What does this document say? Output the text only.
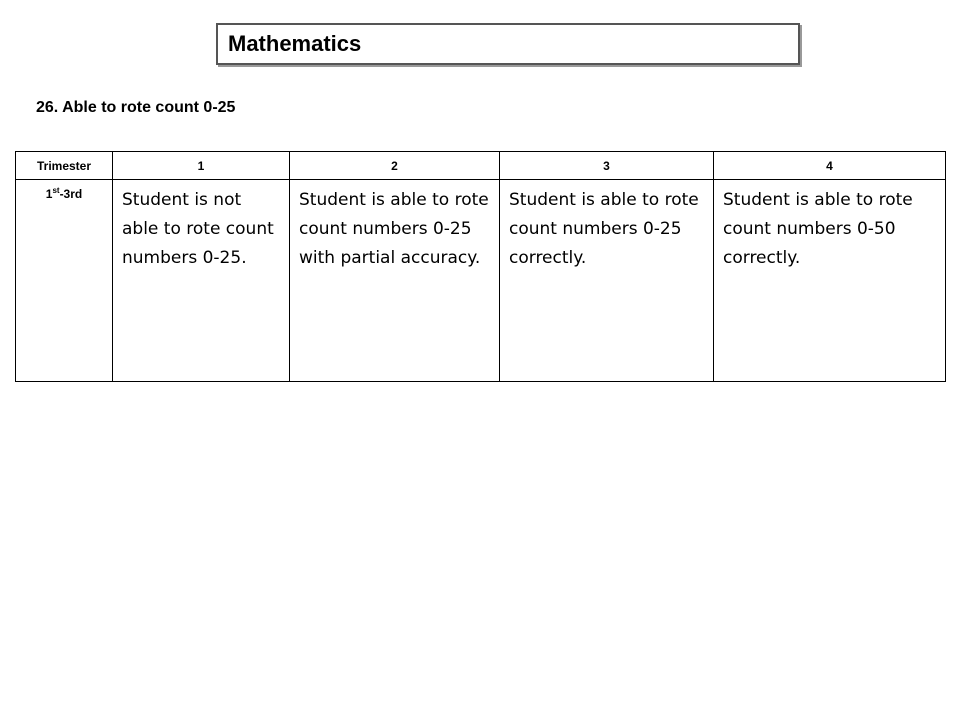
Mathematics
26. Able to rote count 0-25
Trimester	1	2	3	4
1st-3rd	Student is not able to rote count numbers 0-25.	Student is able to rote count numbers 0-25 with partial accuracy.	Student is able to rote count numbers 0-25 correctly.	Student is able to rote count numbers 0-50 correctly.
